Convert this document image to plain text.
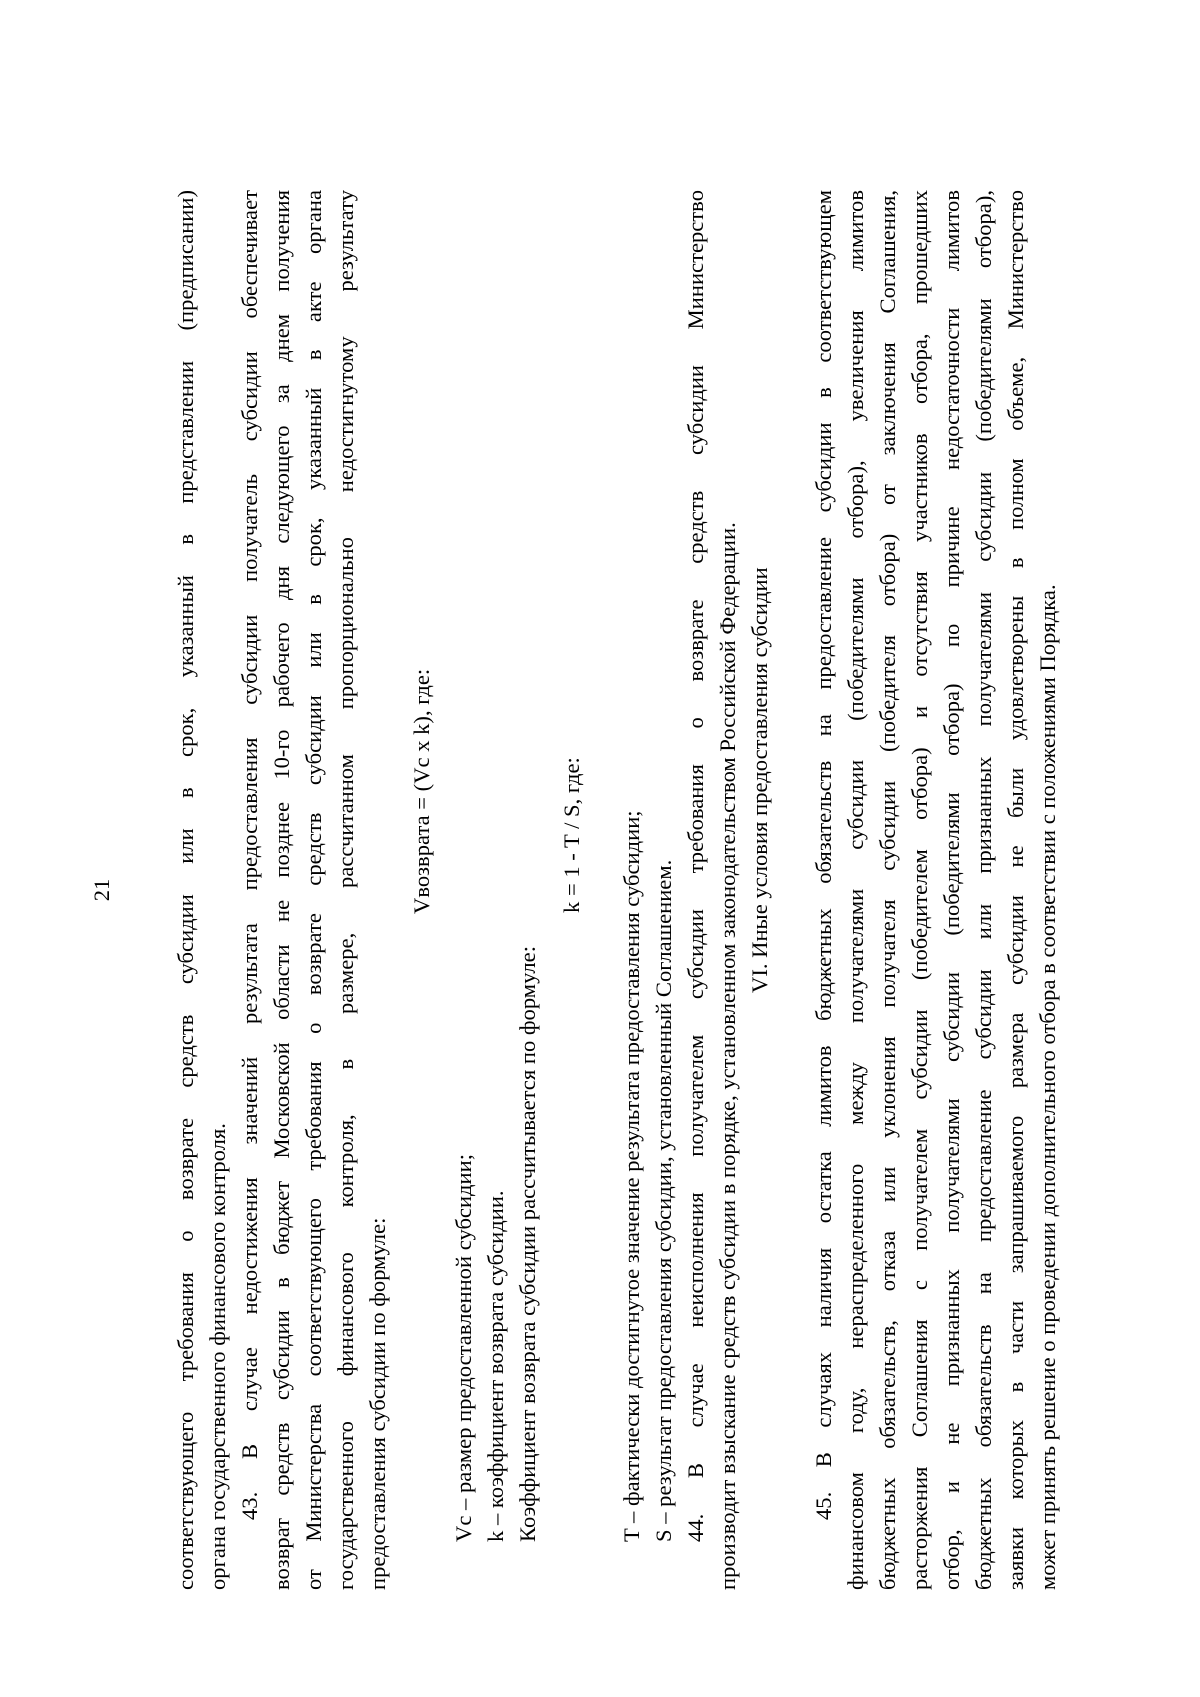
21	соответствующего требования о возврате средств субсидии или в срок, указанный в представлении (предписании) органа государственного финансового контроля. 43. В случае недостижения значений результата предоставления субсидии получатель субсидии обеспечивает возврат средств субсидии в бюджет Московской области не позднее 10-го рабочего дня следующего за днем получения от Министерства соответствующего требования о возврате средств субсидии или в срок, указанный в акте органа государственного финансового контроля, в размере, рассчитанном пропорционально недостигнутому результату предоставления субсидии по формуле:
Vвозврата = (Vc x k), где:
Vc – размер предоставленной субсидии; k – коэффициент возврата субсидии. Коэффициент возврата субсидии рассчитывается по формуле:
k = 1 - T / S, где: T – фактически достигнутое значение результата предоставления субсидии; S – результат предоставления субсидии, установленный Соглашением. 44. В случае неисполнения получателем субсидии требования о возврате средств субсидии Министерство производит взыскание средств субсидии в порядке, установленном законодательством Российской Федерации. VI. Иные условия предоставления субсидии 45. В случаях наличия остатка лимитов бюджетных обязательств на предоставление субсидии в соответствующем финансовом году, нераспределенного между получателями субсидии (победителями отбора), увеличения лимитов бюджетных обязательств, отказа или уклонения получателя субсидии (победителя отбора) от заключения Соглашения, расторжения Соглашения с получателем субсидии (победителем отбора) и отсутствия участников отбора, прошедших отбор, и не признанных получателями субсидии (победителями отбора) по причине недостаточности лимитов бюджетных обязательств на предоставление субсидии или признанных получателями субсидии (победителями отбора), заявки которых в части запрашиваемого размера субсидии не были удовлетворены в полном объеме, Министерство может принять решение о проведении дополнительного отбора в соответствии с положениями Порядка.
